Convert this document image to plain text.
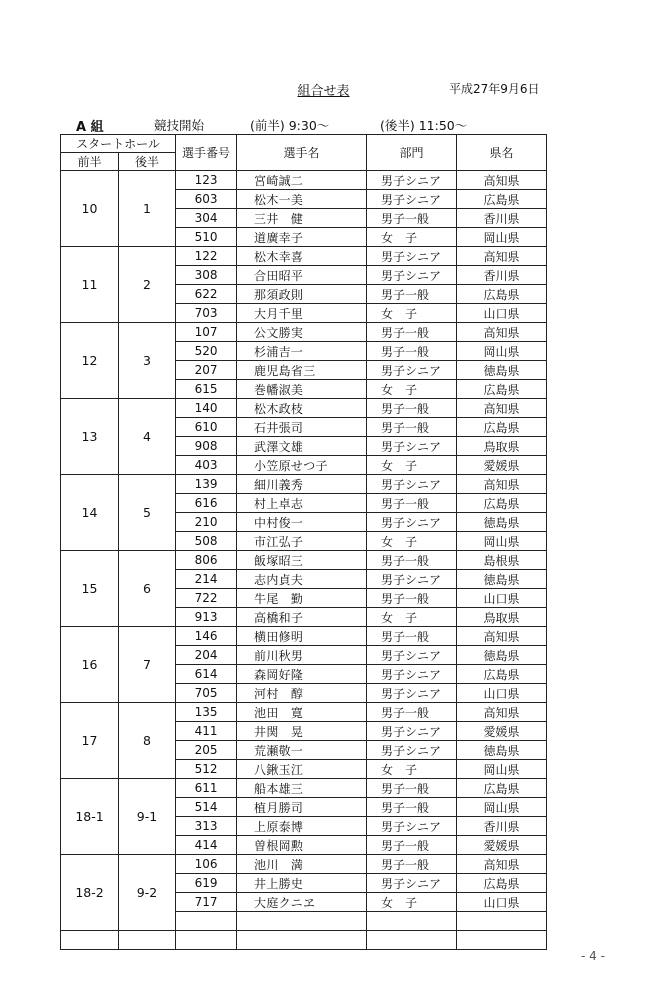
組合せ表	平成27年9月6日
A 組	競技開始	(前半) 9:30～	(後半) 11:50～
スタートホール		選手番号	選手名	部門	県名
前半	後半				
10	1	123	宮崎誠二	男子シニア	高知県
		603	松木一美	男子シニア	広島県
		304	三井　健	男子一般	香川県
		510	道廣幸子	女　子	岡山県
11	2	122	松木幸喜	男子シニア	高知県
		308	合田昭平	男子シニア	香川県
		622	那須政則	男子一般	広島県
		703	大月千里	女　子	山口県
12	3	107	公文勝実	男子一般	高知県
		520	杉浦吉一	男子一般	岡山県
		207	鹿児島省三	男子シニア	徳島県
		615	巻幡淑美	女　子	広島県
13	4	140	松木政枝	男子一般	高知県
		610	石井張司	男子一般	広島県
		908	武澤文雄	男子シニア	鳥取県
		403	小笠原せつ子	女　子	愛媛県
14	5	139	細川義秀	男子シニア	高知県
		616	村上卓志	男子一般	広島県
		210	中村俊一	男子シニア	徳島県
		508	市江弘子	女　子	岡山県
15	6	806	飯塚昭三	男子一般	島根県
		214	志内貞夫	男子シニア	徳島県
		722	牛尾　勤	男子一般	山口県
		913	高橋和子	女　子	鳥取県
16	7	146	横田修明	男子一般	高知県
		204	前川秋男	男子シニア	徳島県
		614	森岡好隆	男子シニア	広島県
		705	河村　醇	男子シニア	山口県
17	8	135	池田　寛	男子一般	高知県
		411	井関　晃	男子シニア	愛媛県
		205	荒瀬敬一	男子シニア	徳島県
		512	八鍬玉江	女　子	岡山県
18-1	9-1	611	船本雄三	男子一般	広島県
		514	植月勝司	男子一般	岡山県
		313	上原泰博	男子シニア	香川県
		414	曽根岡勲	男子一般	愛媛県
18-2	9-2	106	池川　満	男子一般	高知県
		619	井上勝史	男子シニア	広島県
		717	大庭クニヱ	女　子	山口県

- 4 -
